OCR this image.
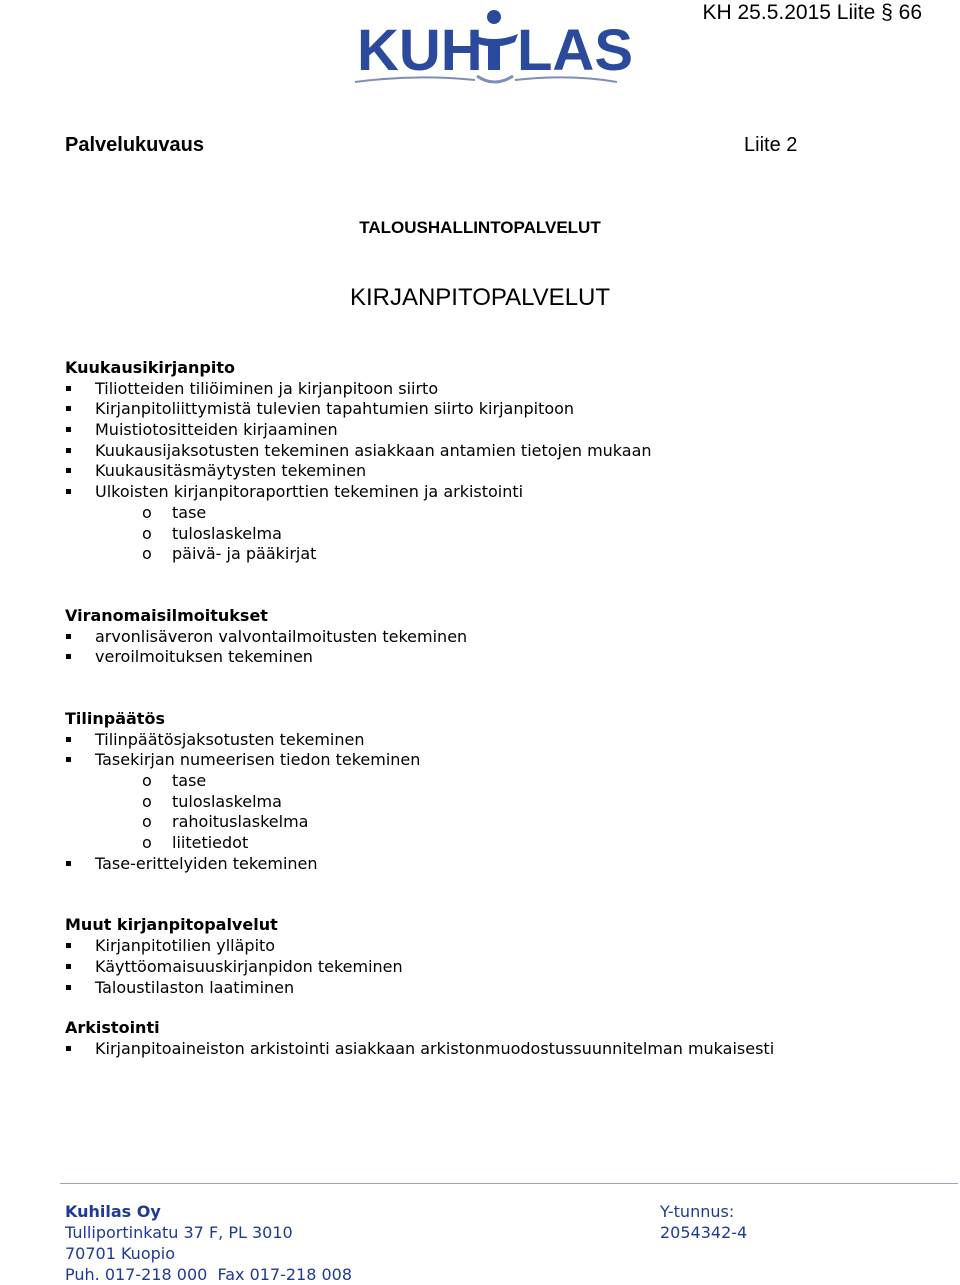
KH 25.5.2015 Liite § 66
KUH LAS
Palvelukuvaus	Liite 2
TALOUSHALLINTOPALVELUT
KIRJANPITOPALVELUT
Kuukausikirjanpito
Tiliotteiden tiliöiminen ja kirjanpitoon siirto
Kirjanpitoliittymistä tulevien tapahtumien siirto kirjanpitoon
Muistiotositteiden kirjaaminen
Kuukausijaksotusten tekeminen asiakkaan antamien tietojen mukaan
Kuukausitäsmäytysten tekeminen
Ulkoisten kirjanpitoraporttien tekeminen ja arkistointi
o tase
o tuloslaskelma
o päivä- ja pääkirjat
Viranomaisilmoitukset
arvonlisäveron valvontailmoitusten tekeminen
veroilmoituksen tekeminen
Tilinpäätös
Tilinpäätösjaksotusten tekeminen
Tasekirjan numeerisen tiedon tekeminen
o tase
o tuloslaskelma
o rahoituslaskelma
o liitetiedot
Tase-erittelyiden tekeminen
Muut kirjanpitopalvelut
Kirjanpitotilien ylläpito
Käyttöomaisuuskirjanpidon tekeminen
Taloustilaston laatiminen
Arkistointi
Kirjanpitoaineiston arkistointi asiakkaan arkistonmuodostussuunnitelman mukaisesti
Kuhilas Oy
Tulliportinkatu 37 F, PL 3010
70701 Kuopio
Puh. 017-218 000  Fax 017-218 008
Y-tunnus:
2054342-4
